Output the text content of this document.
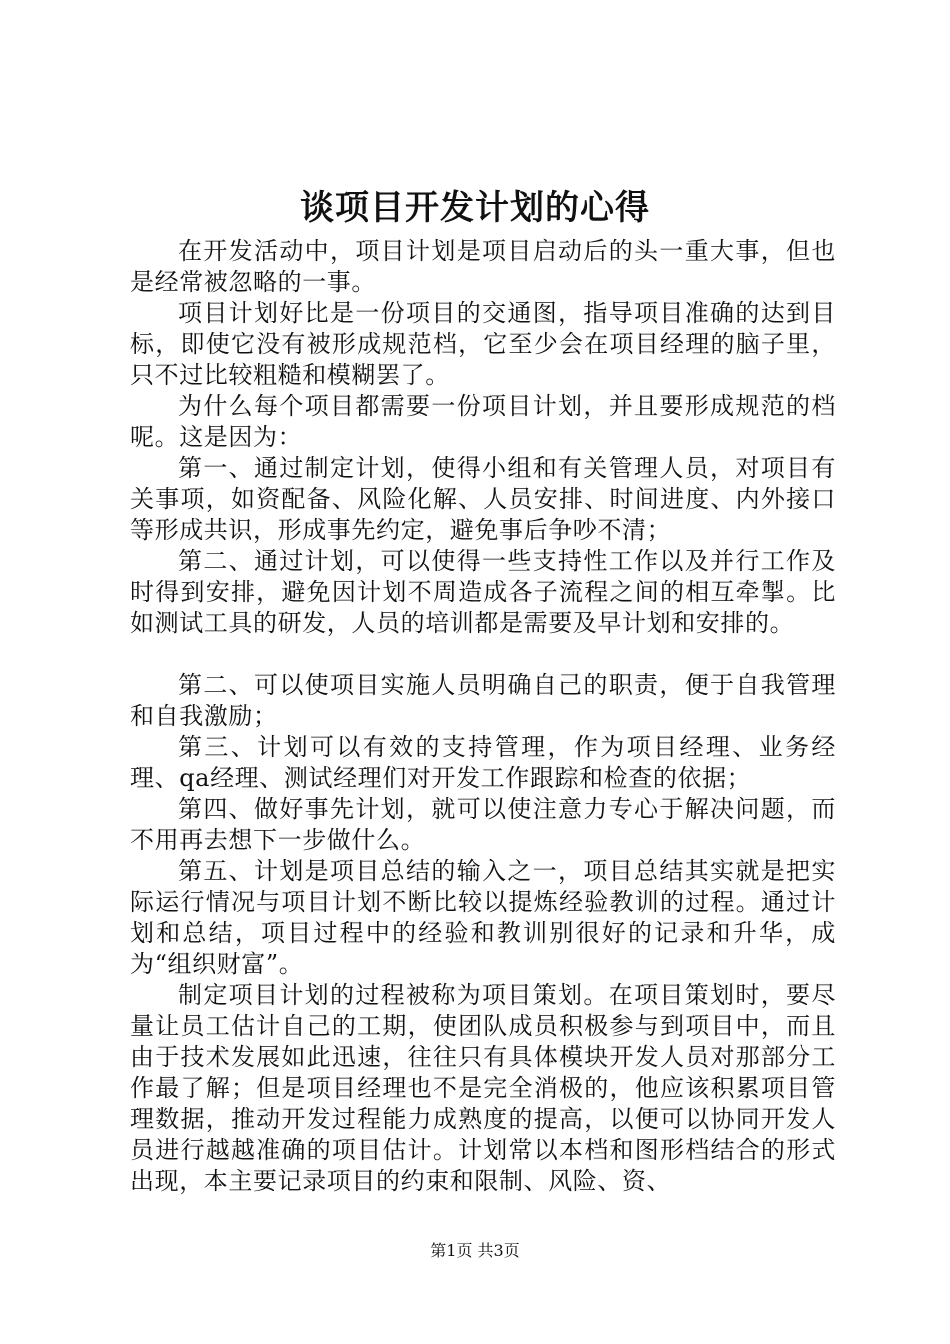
谈项目开发计划的心得

在开发活动中，项目计划是项目启动后的头一重大事，但也是经常被忽略的一事。

项目计划好比是一份项目的交通图，指导项目准确的达到目标，即使它没有被形成规范档，它至少会在项目经理的脑子里，只不过比较粗糙和模糊罢了。

为什么每个项目都需要一份项目计划，并且要形成规范的档呢。这是因为：

第一、通过制定计划，使得小组和有关管理人员，对项目有关事项，如资配备、风险化解、人员安排、时间进度、内外接口等形成共识，形成事先约定，避免事后争吵不清；

第二、通过计划，可以使得一些支持性工作以及并行工作及时得到安排，避免因计划不周造成各子流程之间的相互牵掣。比如测试工具的研发，人员的培训都是需要及早计划和安排的。

第二、可以使项目实施人员明确自己的职责，便于自我管理和自我激励；

第三、计划可以有效的支持管理，作为项目经理、业务经理、qa经理、测试经理们对开发工作跟踪和检查的依据；

第四、做好事先计划，就可以使注意力专心于解决问题，而不用再去想下一步做什么。

第五、计划是项目总结的输入之一，项目总结其实就是把实际运行情况与项目计划不断比较以提炼经验教训的过程。通过计划和总结，项目过程中的经验和教训别很好的记录和升华，成为“组织财富”。

制定项目计划的过程被称为项目策划。在项目策划时，要尽量让员工估计自己的工期，使团队成员积极参与到项目中，而且由于技术发展如此迅速，往往只有具体模块开发人员对那部分工作最了解；但是项目经理也不是完全消极的，他应该积累项目管理数据，推动开发过程能力成熟度的提高，以便可以协同开发人员进行越越准确的项目估计。计划常以本档和图形档结合的形式出现，本主要记录项目的约束和限制、风险、资、

第1页 共3页
